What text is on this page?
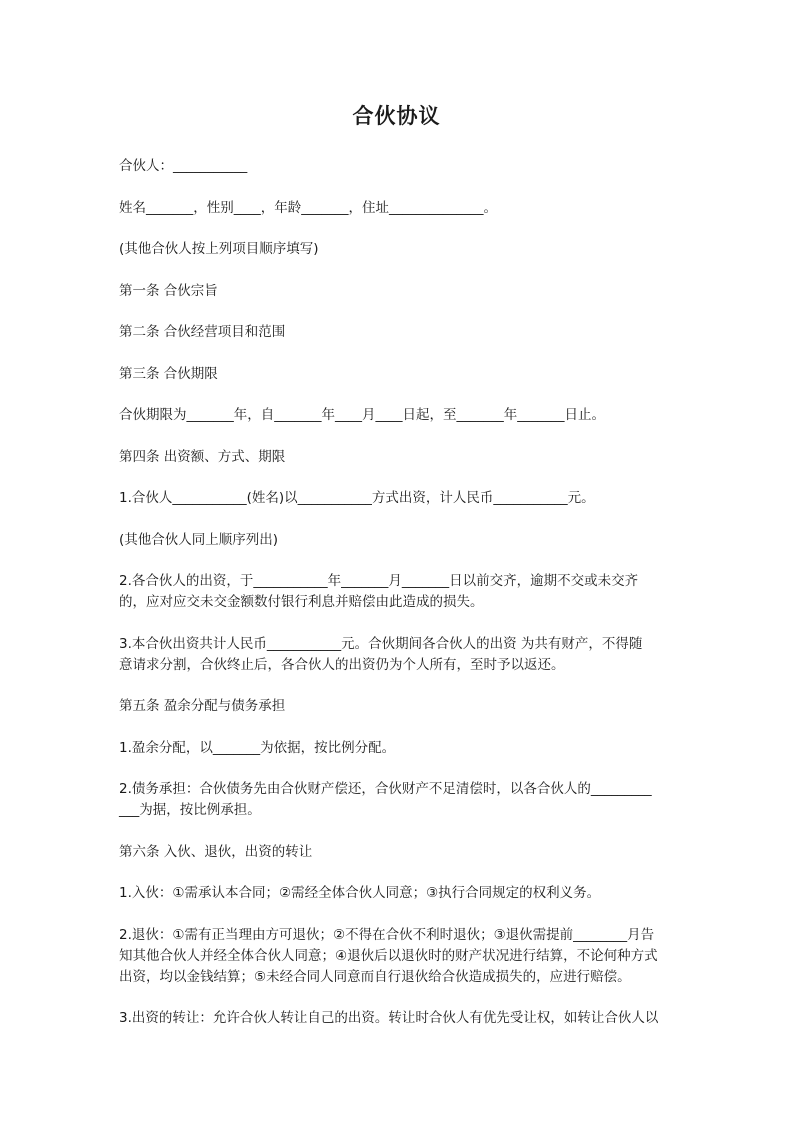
合伙协议
合伙人：___________
姓名_______，性别____，年龄_______，住址______________。
(其他合伙人按上列项目顺序填写)
第一条 合伙宗旨
第二条 合伙经营项目和范围
第三条 合伙期限
合伙期限为_______年，自_______年____月____日起，至_______年_______日止。
第四条 出资额、方式、期限
1.合伙人___________(姓名)以___________方式出资，计人民币___________元。
(其他合伙人同上顺序列出)
2.各合伙人的出资，于___________年_______月_______日以前交齐，逾期不交或未交齐
的，应对应交未交金额数付银行利息并赔偿由此造成的损失。
3.本合伙出资共计人民币___________元。合伙期间各合伙人的出资 为共有财产，不得随
意请求分割，合伙终止后，各合伙人的出资仍为个人所有，至时予以返还。
第五条 盈余分配与债务承担
1.盈余分配，以_______为依据，按比例分配。
2.债务承担：合伙债务先由合伙财产偿还，合伙财产不足清偿时，以各合伙人的_________
___为据，按比例承担。
第六条 入伙、退伙，出资的转让
1.入伙：①需承认本合同；②需经全体合伙人同意；③执行合同规定的权利义务。
2.退伙：①需有正当理由方可退伙；②不得在合伙不利时退伙；③退伙需提前________月告
知其他合伙人并经全体合伙人同意；④退伙后以退伙时的财产状况进行结算，不论何种方式
出资，均以金钱结算；⑤未经合同人同意而自行退伙给合伙造成损失的，应进行赔偿。
3.出资的转让：允许合伙人转让自己的出资。转让时合伙人有优先受让权，如转让合伙人以
